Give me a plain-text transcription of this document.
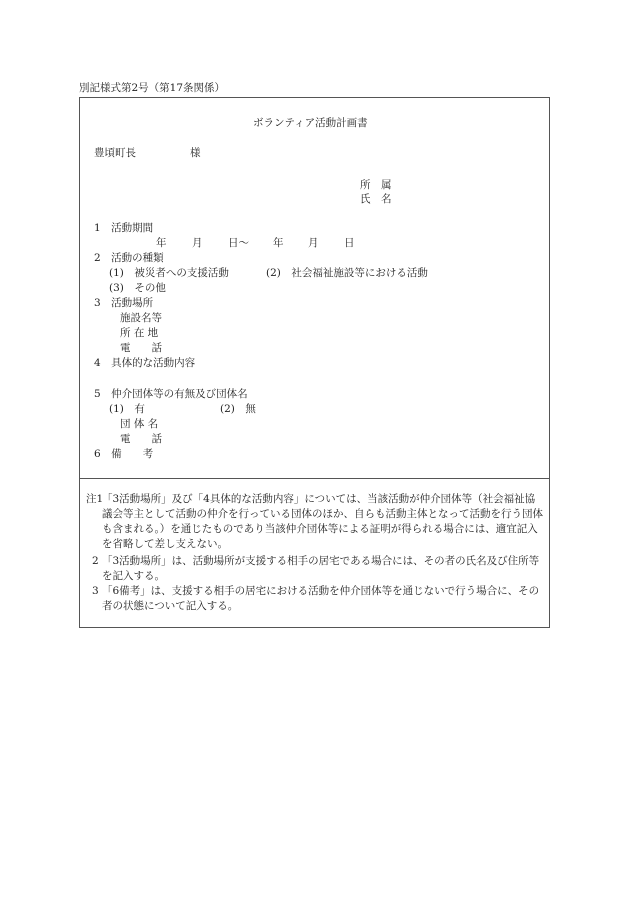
別記様式第2号（第17条関係）
ボランティア活動計画書
豊頃町長	様
所　属
氏　名
1　活動期間
年 月 日～ 年 月 日
2　活動の種類
(1)　被災者への支援活動	(2)　社会福祉施設等における活動
(3)　その他
3　活動場所
施設名等
所 在 地
電　　話
4　具体的な活動内容
5　仲介団体等の有無及び団体名
(1)　有	(2)　無
団 体 名
電　　話
6　備　　考
注1
「3活動場所」及び「4具体的な活動内容」については、当該活動が仲介団体等（社会福祉協議会等主として活動の仲介を行っている団体のほか、自らも活動主体となって活動を行う団体も含まれる。）を通じたものであり当該仲介団体等による証明が得られる場合には、適宜記入を省略して差し支えない。
2 「3活動場所」は、活動場所が支援する相手の居宅である場合には、その者の氏名及び住所等を記入する。
3 「6備考」は、支援する相手の居宅における活動を仲介団体等を通じないで行う場合に、その者の状態について記入する。
